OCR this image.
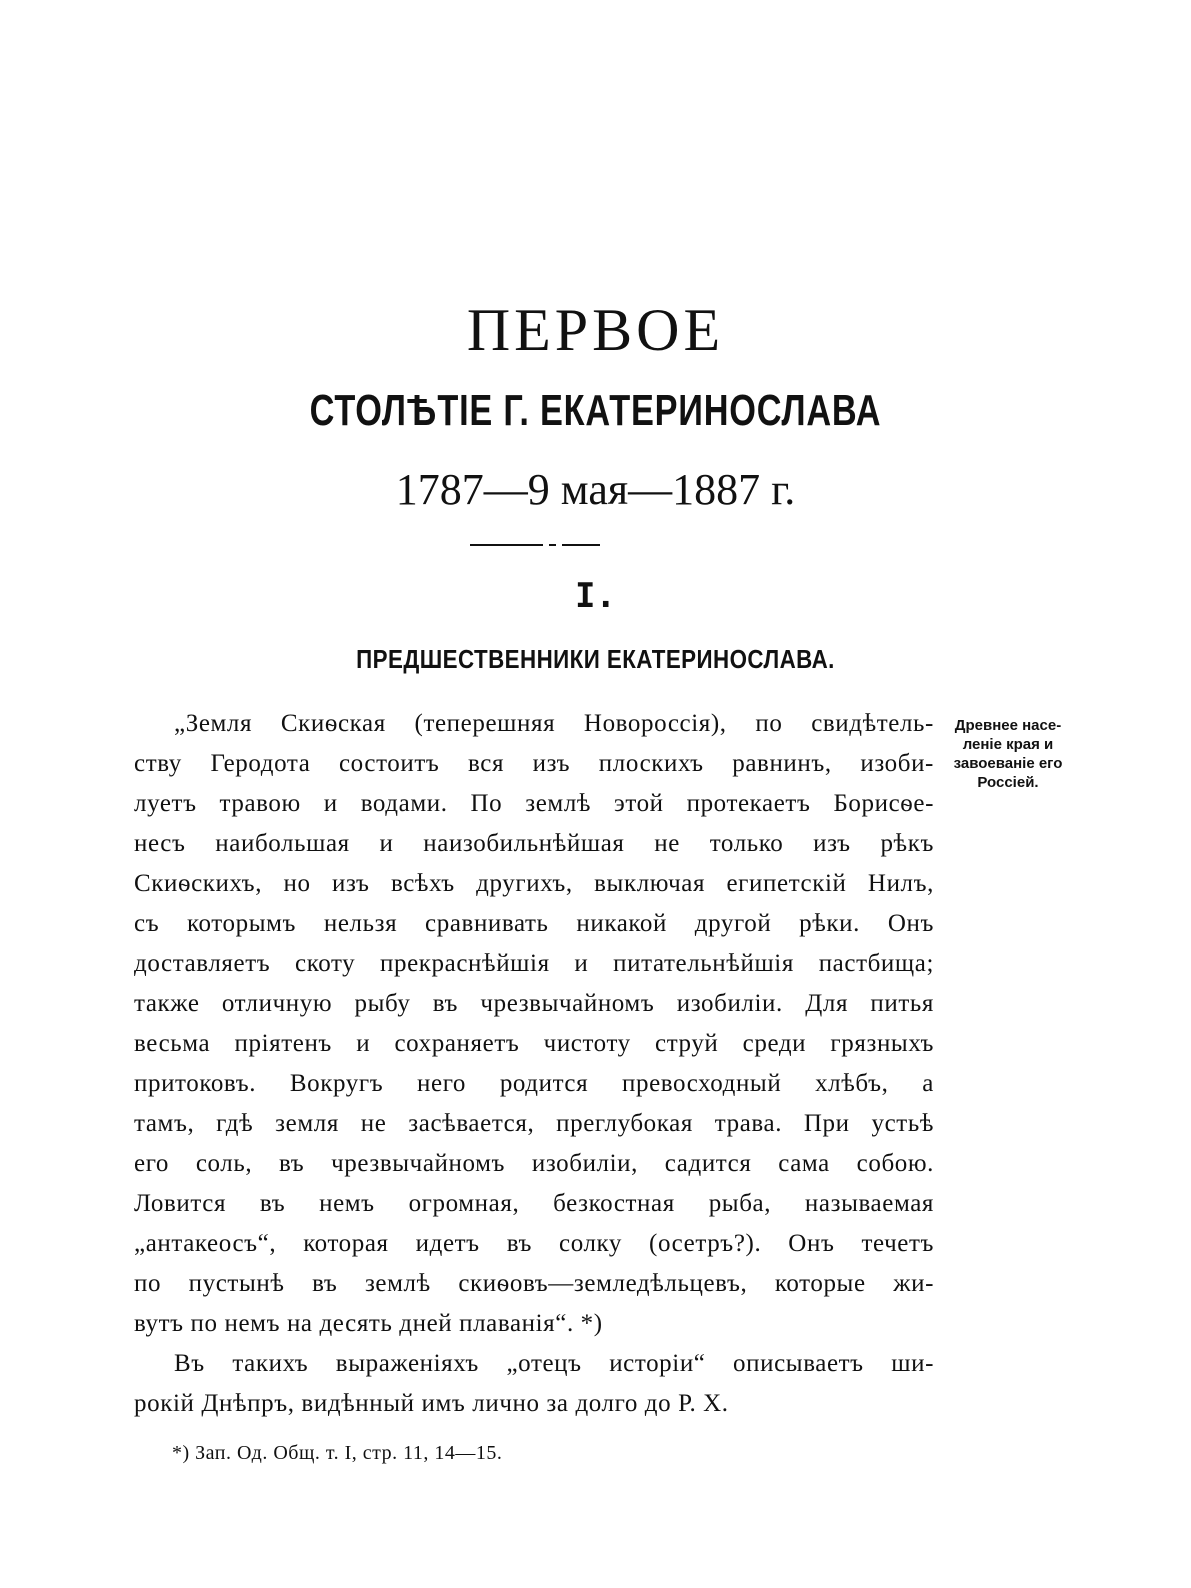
ПЕРВОЕ
СТОЛѢТІЕ Г. ЕКАТЕРИНОСЛАВА
1787—9 мая—1887 г.
I.
ПРЕДШЕСТВЕННИКИ ЕКАТЕРИНОСЛАВА.
„Земля Скиѳская (теперешняя Новороссія), по свидѣтель-
ству Геродота состоитъ вся изъ плоскихъ равнинъ, изоби-
луетъ травою и водами. По землѣ этой протекаетъ Борисѳе-
несъ наибольшая и наизобильнѣйшая не только изъ рѣкъ
Скиѳскихъ, но изъ всѣхъ другихъ, выключая египетскій Нилъ,
съ которымъ нельзя сравнивать никакой другой рѣки. Онъ
доставляетъ скоту прекраснѣйшія и питательнѣйшія пастбища;
также отличную рыбу въ чрезвычайномъ изобиліи. Для питья
весьма пріятенъ и сохраняетъ чистоту струй среди грязныхъ
притоковъ. Вокругъ него родится превосходный хлѣбъ, а
тамъ, гдѣ земля не засѣвается, преглубокая трава. При устьѣ
его соль, въ чрезвычайномъ изобиліи, садится сама собою.
Ловится въ немъ огромная, безкостная рыба, называемая
„антакеосъ“, которая идетъ въ солку (осетръ?). Онъ течетъ
по пустынѣ въ землѣ скиѳовъ—земледѣльцевъ, которые жи-
вутъ по немъ на десять дней плаванія“. *)
Въ такихъ выраженіяхъ „отецъ исторіи“ описываетъ ши-
рокій Днѣпръ, видѣнный имъ лично за долго до Р. Х.
Древнее насе-
леніе края и
завоеваніе его
Россіей.
*) Зап. Од. Общ. т. I, стр. 11, 14—15.
